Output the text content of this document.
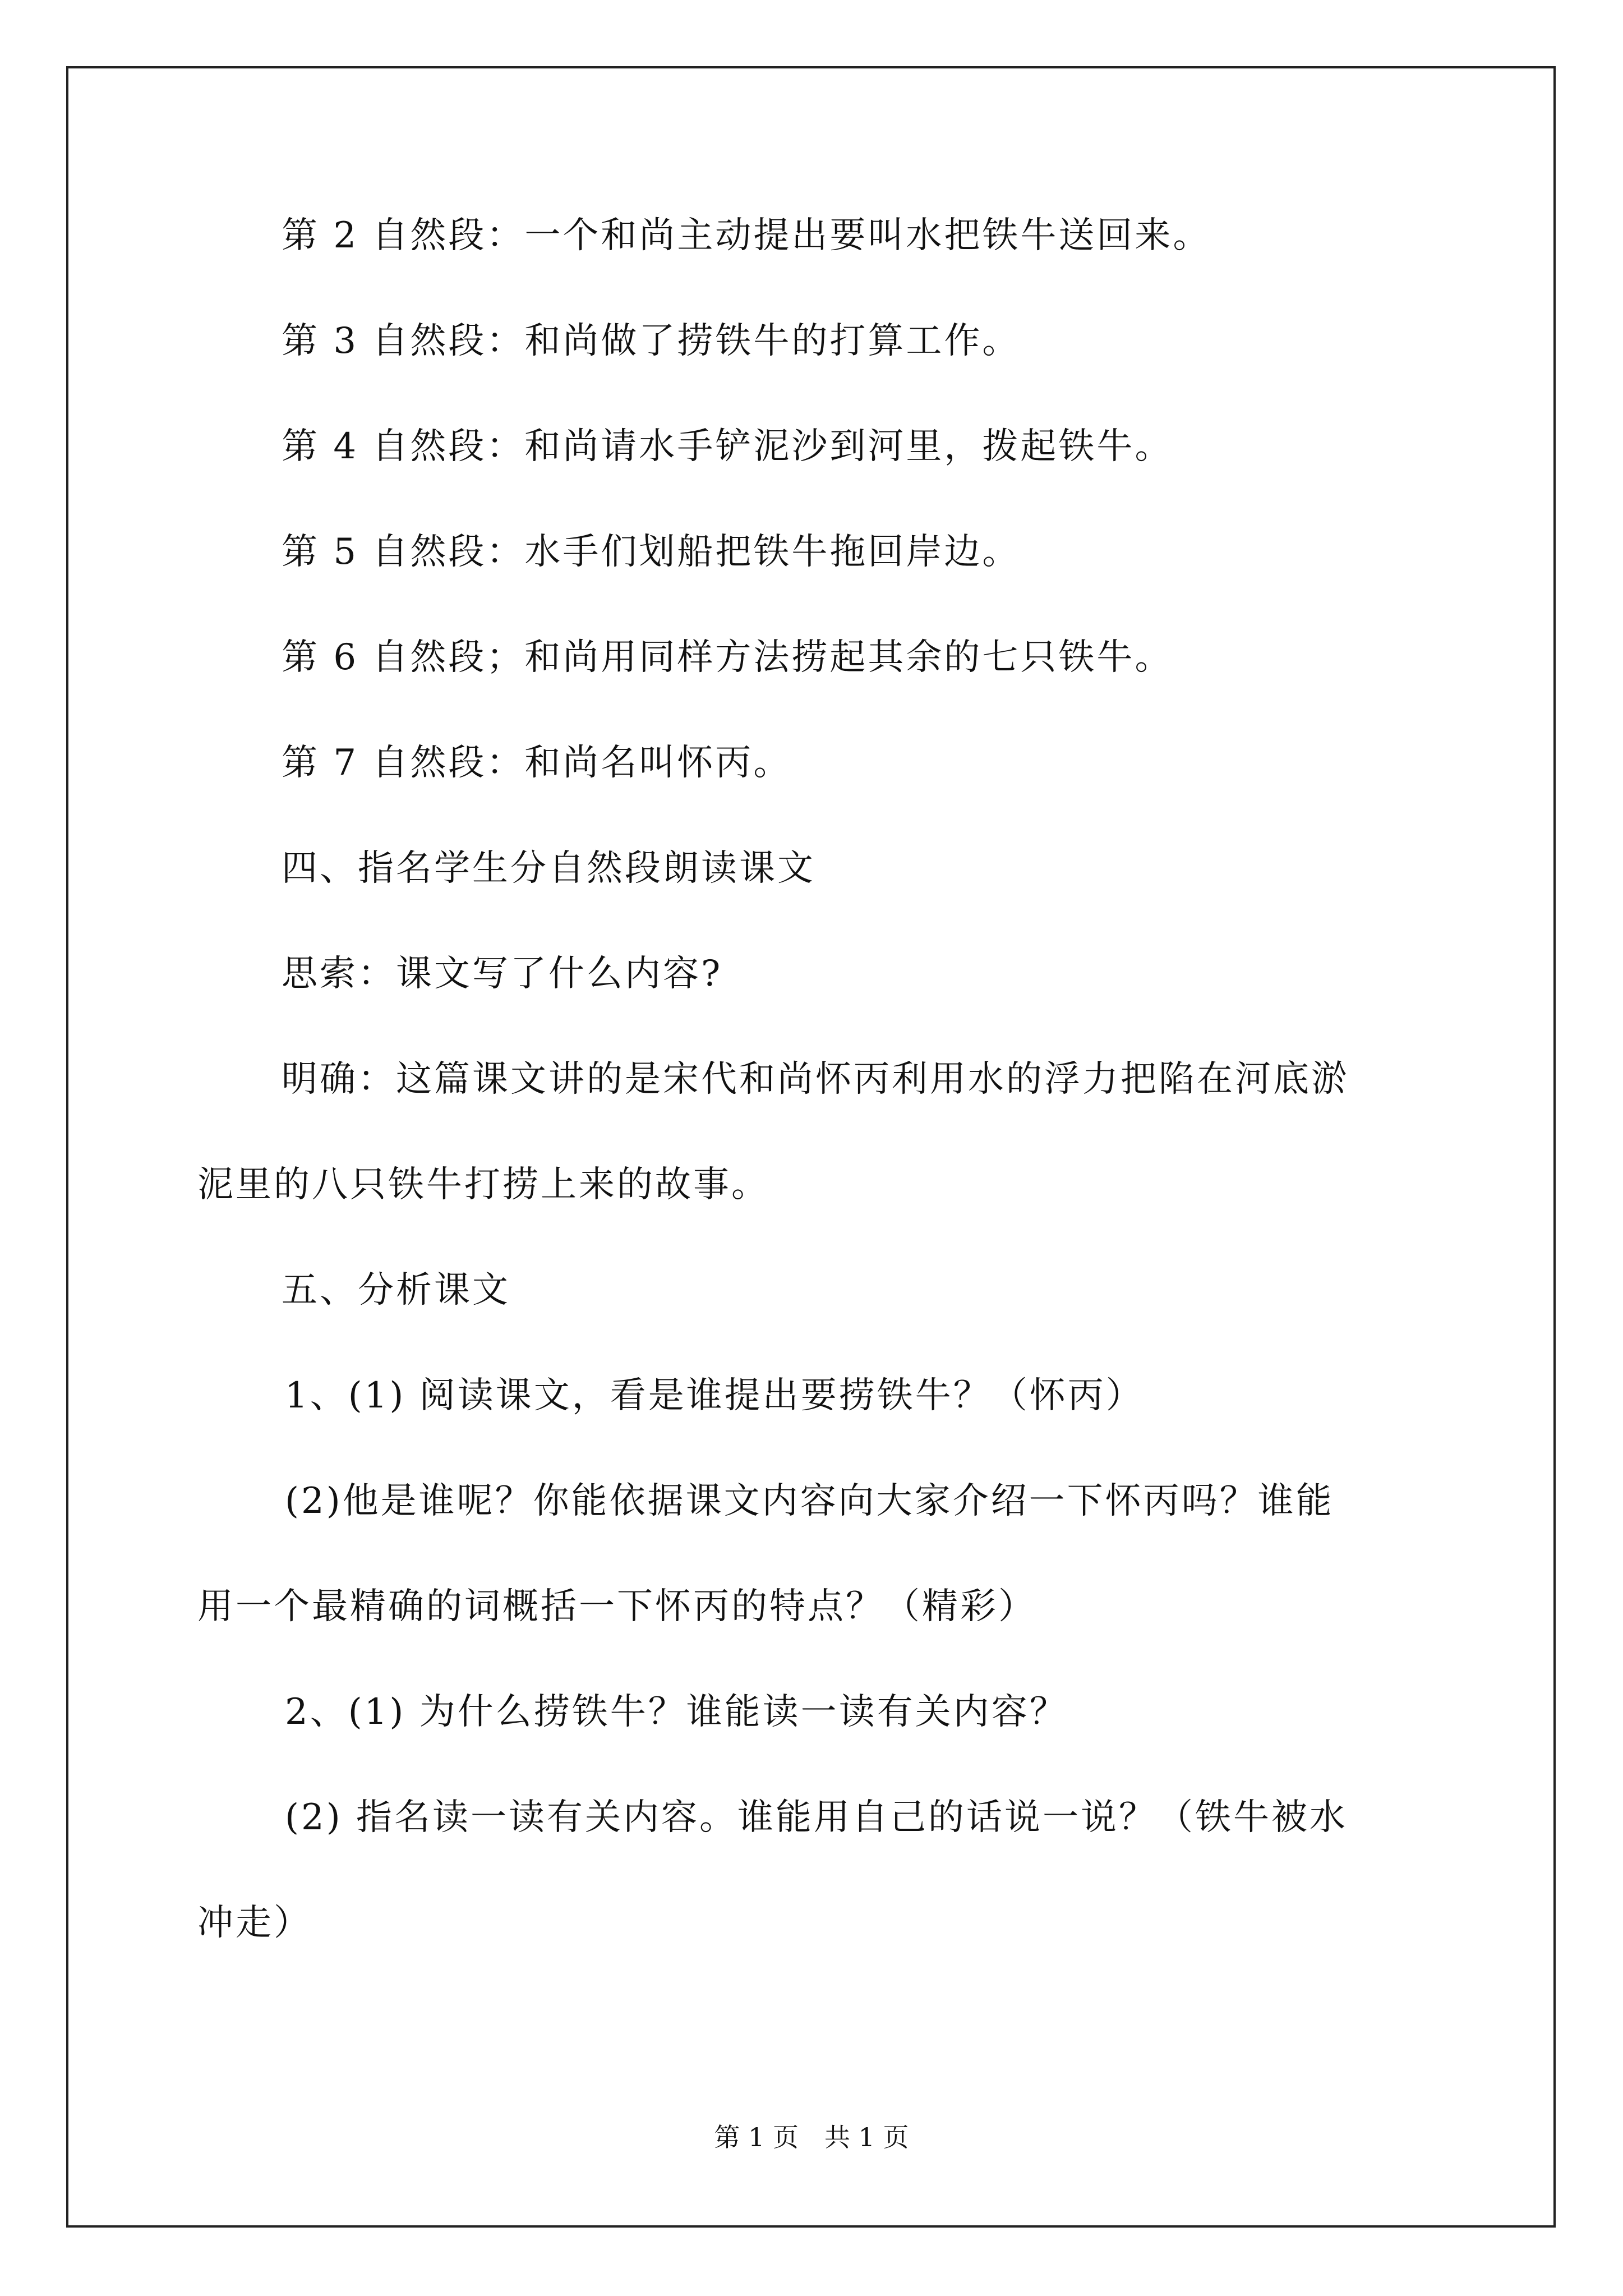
第 2 自然段：一个和尚主动提出要叫水把铁牛送回来。
第 3 自然段：和尚做了捞铁牛的打算工作。
第 4 自然段：和尚请水手铲泥沙到河里，拨起铁牛。
第 5 自然段：水手们划船把铁牛拖回岸边。
第 6 自然段；和尚用同样方法捞起其余的七只铁牛。
第 7 自然段：和尚名叫怀丙。
四、指名学生分自然段朗读课文
思索：课文写了什么内容?
明确：这篇课文讲的是宋代和尚怀丙利用水的浮力把陷在河底淤
泥里的八只铁牛打捞上来的故事。
五、分析课文
1、(1) 阅读课文，看是谁提出要捞铁牛？（怀丙）
(2)他是谁呢？你能依据课文内容向大家介绍一下怀丙吗？谁能
用一个最精确的词概括一下怀丙的特点？（精彩）
2、(1) 为什么捞铁牛？谁能读一读有关内容？
(2) 指名读一读有关内容。谁能用自己的话说一说？（铁牛被水
冲走）
第 1 页　共 1 页
